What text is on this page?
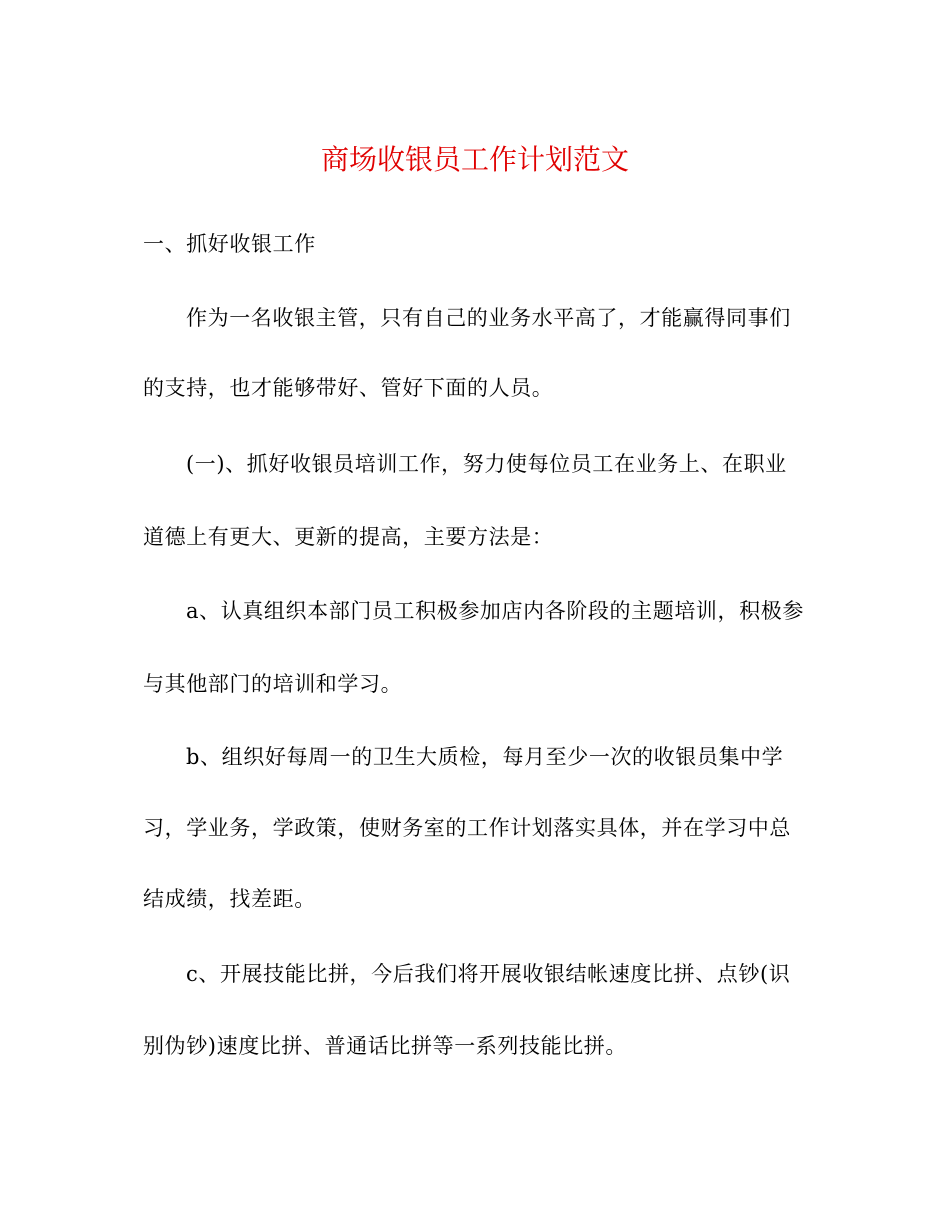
商场收银员工作计划范文
一、抓好收银工作
作为一名收银主管，只有自己的业务水平高了，才能赢得同事们
的支持，也才能够带好、管好下面的人员。
(一)、抓好收银员培训工作，努力使每位员工在业务上、在职业
道德上有更大、更新的提高，主要方法是：
a、认真组织本部门员工积极参加店内各阶段的主题培训，积极参
与其他部门的培训和学习。
b、组织好每周一的卫生大质检，每月至少一次的收银员集中学
习，学业务，学政策，使财务室的工作计划落实具体，并在学习中总
结成绩，找差距。
c、开展技能比拼，今后我们将开展收银结帐速度比拼、点钞(识
别伪钞)速度比拼、普通话比拼等一系列技能比拼。
